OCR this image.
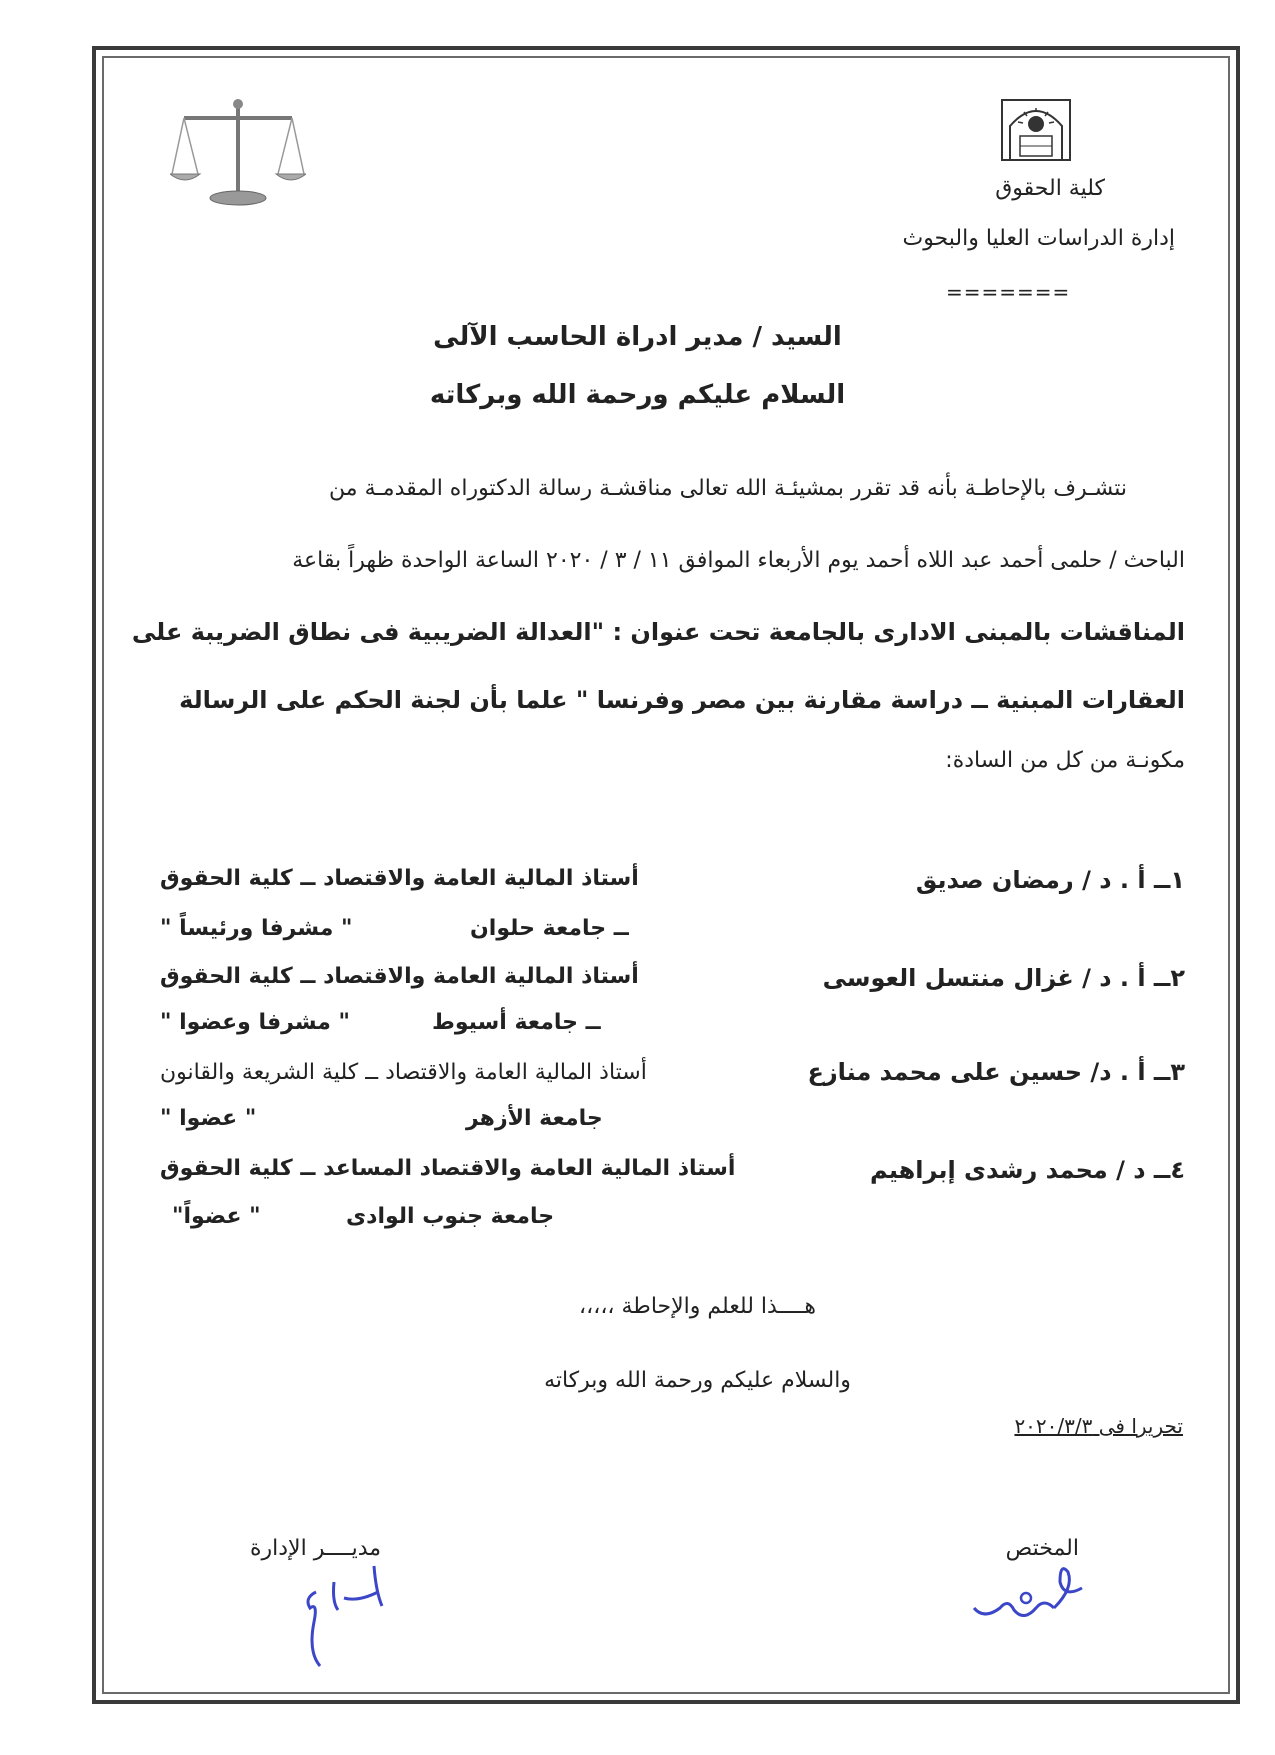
كلية الحقوق
إدارة الدراسات العليا والبحوث
=======
السيد / مدير ادراة الحاسب الآلى
السلام عليكم ورحمة الله وبركاته
نتشـرف بالإحاطـة بأنه قد تقرر بمشيئـة الله تعالى مناقشـة رسالة الدكتوراه المقدمـة من
الباحث / حلمى أحمد عبد اللاه أحمد يوم الأربعاء الموافق ١١ / ٣ / ٢٠٢٠ الساعة الواحدة ظهراً بقاعة
المناقشات بالمبنى الادارى بالجامعة تحت عنوان : "العدالة الضريبية فى نطاق الضريبة على
العقارات المبنية ــ دراسة مقارنة بين مصر وفرنسا " علما بأن لجنة الحكم على الرسالة
مكونـة من كل من السادة:
١ــ أ . د / رمضان صديق
أستاذ المالية العامة والاقتصاد ــ كلية الحقوق
ــ جامعة حلوان
" مشرفا ورئيساً "
٢ــ أ . د / غزال منتسل العوسى
أستاذ المالية العامة والاقتصاد ــ كلية الحقوق
ــ جامعة أسيوط
" مشرفا وعضوا "
٣ــ أ . د/ حسين على محمد منازع
أستاذ المالية العامة والاقتصاد ــ كلية الشريعة والقانون
جامعة الأزهر
" عضوا "
٤ــ د / محمد رشدى إبراهيم
أستاذ المالية العامة والاقتصاد المساعد ــ كلية الحقوق
جامعة جنوب الوادى
" عضواً"
هــــذا للعلم والإحاطة ،،،،،
والسلام عليكم ورحمة الله وبركاته
تحريرا فى ٢٠٢٠/٣/٣
المختص
مديــــر الإدارة
